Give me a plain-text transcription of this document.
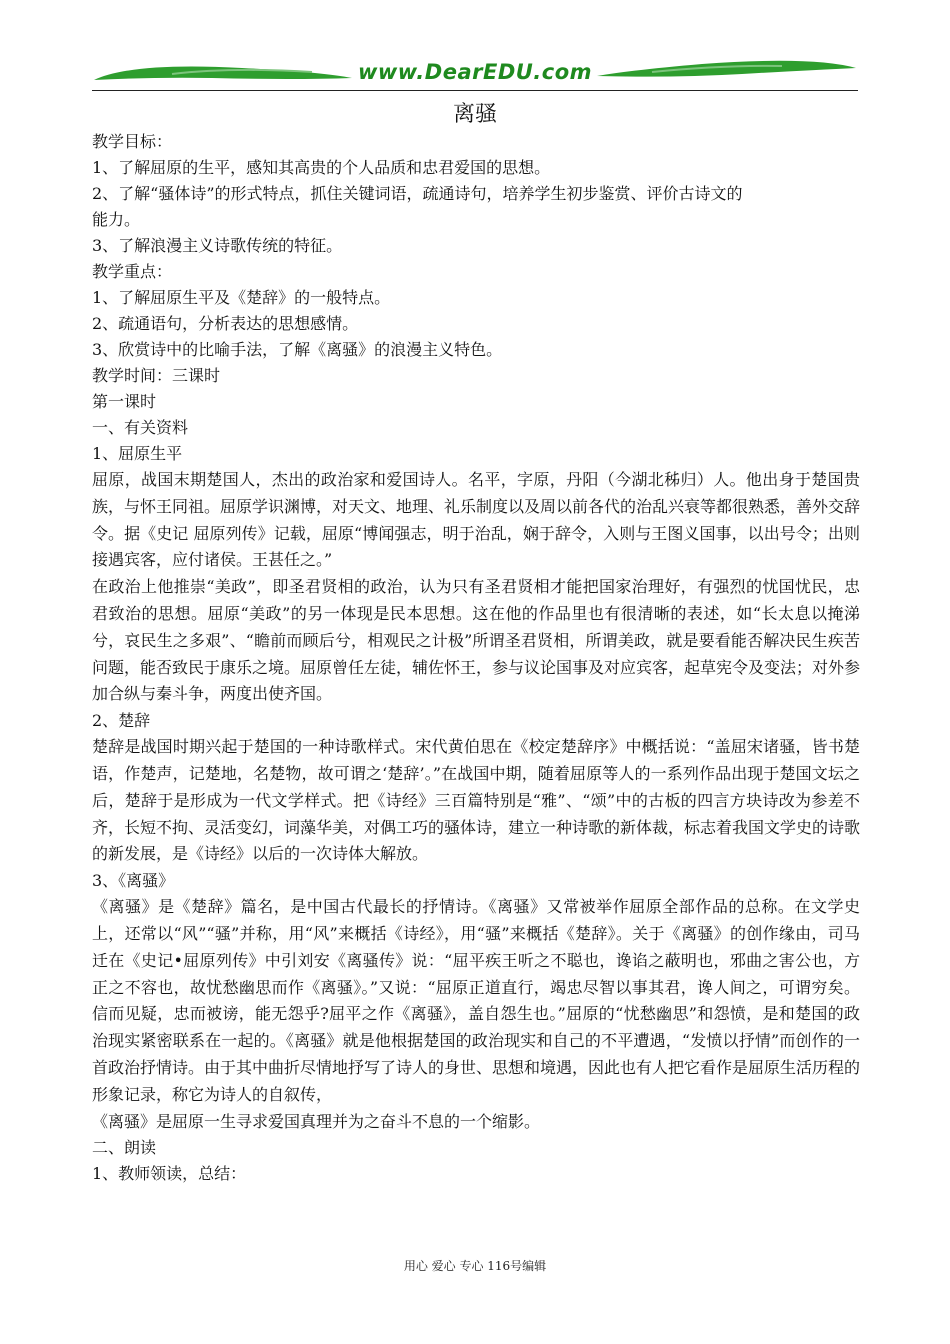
www.DearEDU.com
离骚

教学目标：

1、了解屈原的生平，感知其高贵的个人品质和忠君爱国的思想。

2、了解“骚体诗”的形式特点，抓住关键词语，疏通诗句，培养学生初步鉴赏、评价古诗文的

能力。

3、了解浪漫主义诗歌传统的特征。

教学重点：

1、了解屈原生平及《楚辞》的一般特点。

2、疏通语句，分析表达的思想感情。

3、欣赏诗中的比喻手法，了解《离骚》的浪漫主义特色。

教学时间：三课时

第一课时

一、有关资料

1、屈原生平

屈原，战国末期楚国人，杰出的政治家和爱国诗人。名平，字原，丹阳（今湖北秭归）人。他出身于楚国贵族，与怀王同祖。屈原学识渊博，对天文、地理、礼乐制度以及周以前各代的治乱兴衰等都很熟悉，善外交辞令。据《史记 屈原列传》记载，屈原“博闻强志，明于治乱，娴于辞令，入则与王图义国事，以出号令；出则接遇宾客，应付诸侯。王甚任之。”

在政治上他推崇“美政”，即圣君贤相的政治，认为只有圣君贤相才能把国家治理好，有强烈的忧国忧民，忠君致治的思想。屈原“美政”的另一体现是民本思想。这在他的作品里也有很清晰的表述，如“长太息以掩涕兮，哀民生之多艰”、“瞻前而顾后兮，相观民之计极”所谓圣君贤相，所谓美政，就是要看能否解决民生疾苦问题，能否致民于康乐之境。屈原曾任左徒，辅佐怀王，参与议论国事及对应宾客，起草宪令及变法；对外参加合纵与秦斗争，两度出使齐国。

2、楚辞

楚辞是战国时期兴起于楚国的一种诗歌样式。宋代黄伯思在《校定楚辞序》中概括说：“盖屈宋诸骚，皆书楚语，作楚声，记楚地，名楚物，故可谓之‘楚辞’。”在战国中期，随着屈原等人的一系列作品出现于楚国文坛之后，楚辞于是形成为一代文学样式。把《诗经》三百篇特别是“雅”、“颂”中的古板的四言方块诗改为参差不齐，长短不拘、灵活变幻，词藻华美，对偶工巧的骚体诗，建立一种诗歌的新体裁，标志着我国文学史的诗歌的新发展，是《诗经》以后的一次诗体大解放。

3、《离骚》

《离骚》是《楚辞》篇名，是中国古代最长的抒情诗。《离骚》又常被举作屈原全部作品的总称。在文学史上，还常以“风”“骚”并称，用“风”来概括《诗经》，用“骚”来概括《楚辞》。关于《离骚》的创作缘由，司马迁在《史记•屈原列传》中引刘安《离骚传》说：“屈平疾王听之不聪也，谗谄之蔽明也，邪曲之害公也，方正之不容也，故忧愁幽思而作《离骚》。”又说：“屈原正道直行，竭忠尽智以事其君，谗人间之，可谓穷矣。信而见疑，忠而被谤，能无怨乎?屈平之作《离骚》，盖自怨生也。”屈原的“忧愁幽思”和怨愤，是和楚国的政治现实紧密联系在一起的。《离骚》就是他根据楚国的政治现实和自己的不平遭遇，“发愤以抒情”而创作的一首政治抒情诗。由于其中曲折尽情地抒写了诗人的身世、思想和境遇，因此也有人把它看作是屈原生活历程的形象记录，称它为诗人的自叙传，

《离骚》是屈原一生寻求爱国真理并为之奋斗不息的一个缩影。

二、朗读

1、教师领读，总结：

用心 爱心 专心 116号编辑
